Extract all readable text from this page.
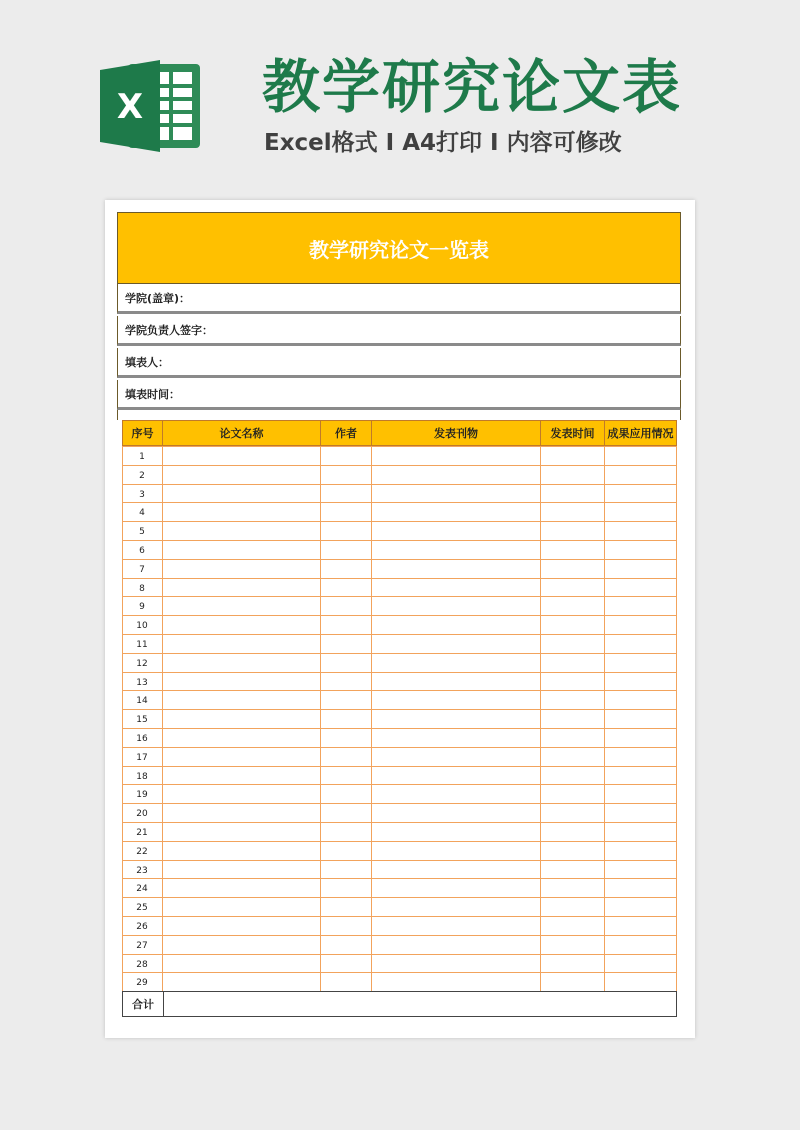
X 教学研究论文表
Excel格式 I A4打印 I 内容可修改
教学研究论文一览表
学院(盖章)：
学院负责人签字：
填表人：
填表时间：
序号	论文名称	作者	发表刊物	发表时间	成果应用情况
1
2
3
4
5
6
7
8
9
10
11
12
13
14
15
16
17
18
19
20
21
22
23
24
25
26
27
28
29
合计
